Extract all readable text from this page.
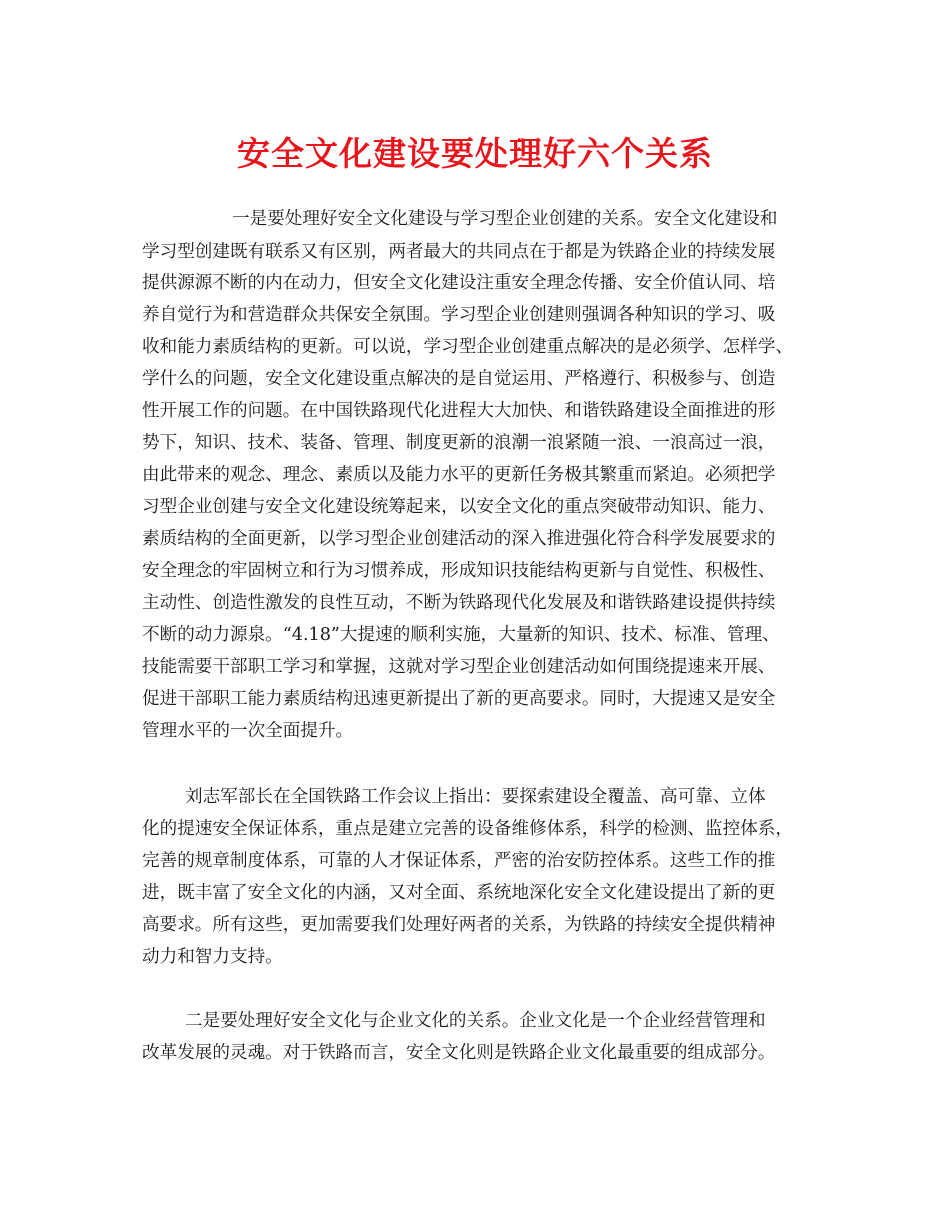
安全文化建设要处理好六个关系
一是要处理好安全文化建设与学习型企业创建的关系。安全文化建设和
学习型创建既有联系又有区别，两者最大的共同点在于都是为铁路企业的持续发展
提供源源不断的内在动力，但安全文化建设注重安全理念传播、安全价值认同、培
养自觉行为和营造群众共保安全氛围。学习型企业创建则强调各种知识的学习、吸
收和能力素质结构的更新。可以说，学习型企业创建重点解决的是必须学、怎样学、
学什么的问题，安全文化建设重点解决的是自觉运用、严格遵行、积极参与、创造
性开展工作的问题。在中国铁路现代化进程大大加快、和谐铁路建设全面推进的形
势下，知识、技术、装备、管理、制度更新的浪潮一浪紧随一浪、一浪高过一浪，
由此带来的观念、理念、素质以及能力水平的更新任务极其繁重而紧迫。必须把学
习型企业创建与安全文化建设统筹起来，以安全文化的重点突破带动知识、能力、
素质结构的全面更新，以学习型企业创建活动的深入推进强化符合科学发展要求的
安全理念的牢固树立和行为习惯养成，形成知识技能结构更新与自觉性、积极性、
主动性、创造性激发的良性互动，不断为铁路现代化发展及和谐铁路建设提供持续
不断的动力源泉。“4.18”大提速的顺利实施，大量新的知识、技术、标准、管理、
技能需要干部职工学习和掌握，这就对学习型企业创建活动如何围绕提速来开展、
促进干部职工能力素质结构迅速更新提出了新的更高要求。同时，大提速又是安全
管理水平的一次全面提升。
刘志军部长在全国铁路工作会议上指出：要探索建设全覆盖、高可靠、立体
化的提速安全保证体系，重点是建立完善的设备维修体系，科学的检测、监控体系，
完善的规章制度体系，可靠的人才保证体系，严密的治安防控体系。这些工作的推
进，既丰富了安全文化的内涵，又对全面、系统地深化安全文化建设提出了新的更
高要求。所有这些，更加需要我们处理好两者的关系，为铁路的持续安全提供精神
动力和智力支持。
二是要处理好安全文化与企业文化的关系。企业文化是一个企业经营管理和
改革发展的灵魂。对于铁路而言，安全文化则是铁路企业文化最重要的组成部分。
